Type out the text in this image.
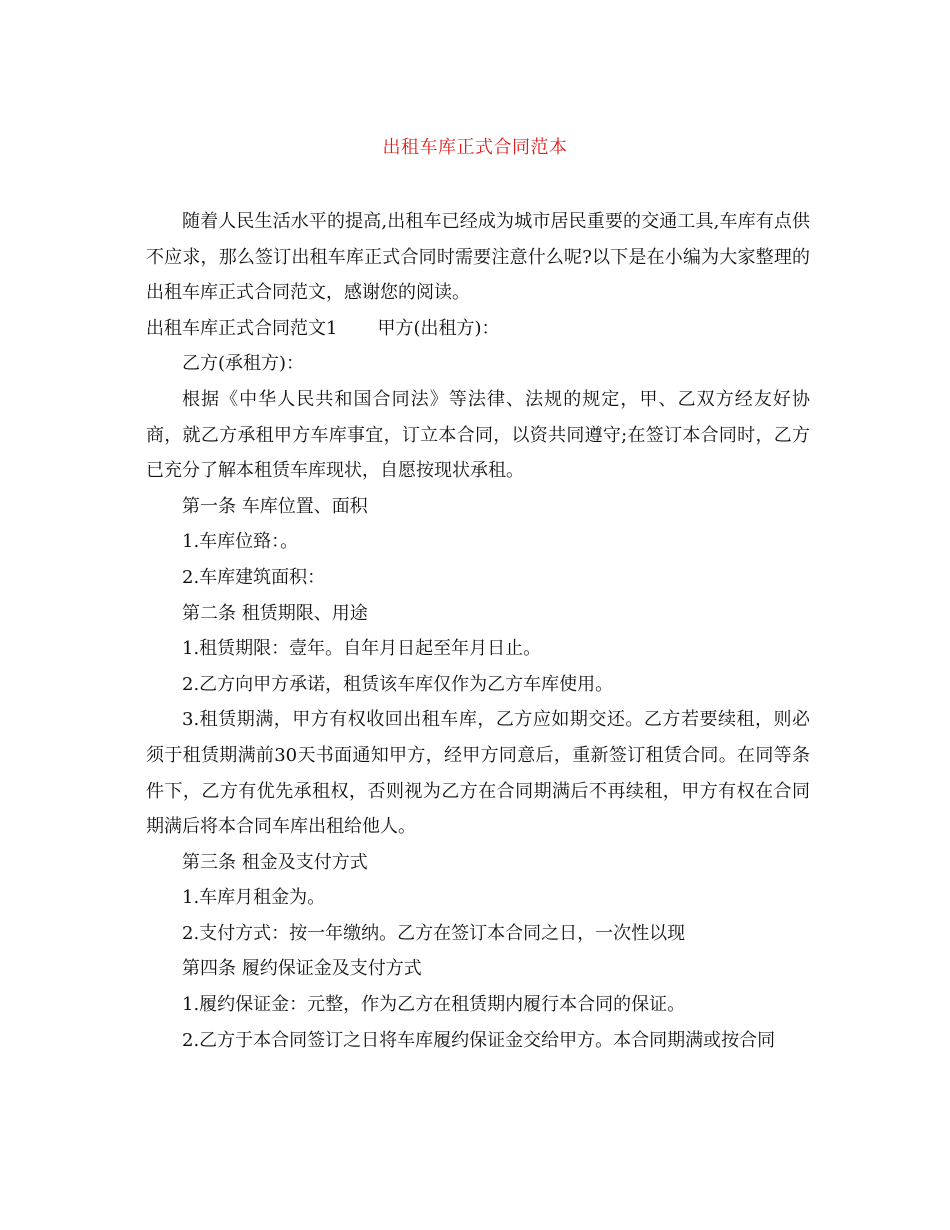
出租车库正式合同范本

随着人民生活水平的提高,出租车已经成为城市居民重要的交通工具,车库有点供不应求，那么签订出租车库正式合同时需要注意什么呢?以下是在小编为大家整理的出租车库正式合同范文，感谢您的阅读。

出租车库正式合同范文1 甲方(出租方)：

乙方(承租方)：

根据《中华人民共和国合同法》等法律、法规的规定，甲、乙双方经友好协商，就乙方承租甲方车库事宜，订立本合同，以资共同遵守;在签订本合同时，乙方已充分了解本租赁车库现状，自愿按现状承租。

第一条 车库位置、面积

1.车库位臵：。

2.车库建筑面积：

第二条 租赁期限、用途

1.租赁期限：壹年。自年月日起至年月日止。

2.乙方向甲方承诺，租赁该车库仅作为乙方车库使用。

3.租赁期满，甲方有权收回出租车库，乙方应如期交还。乙方若要续租，则必须于租赁期满前30天书面通知甲方，经甲方同意后，重新签订租赁合同。在同等条件下，乙方有优先承租权，否则视为乙方在合同期满后不再续租，甲方有权在合同期满后将本合同车库出租给他人。

第三条 租金及支付方式

1.车库月租金为。

2.支付方式：按一年缴纳。乙方在签订本合同之日，一次性以现

第四条 履约保证金及支付方式

1.履约保证金：元整，作为乙方在租赁期内履行本合同的保证。

2.乙方于本合同签订之日将车库履约保证金交给甲方。本合同期满或按合同
